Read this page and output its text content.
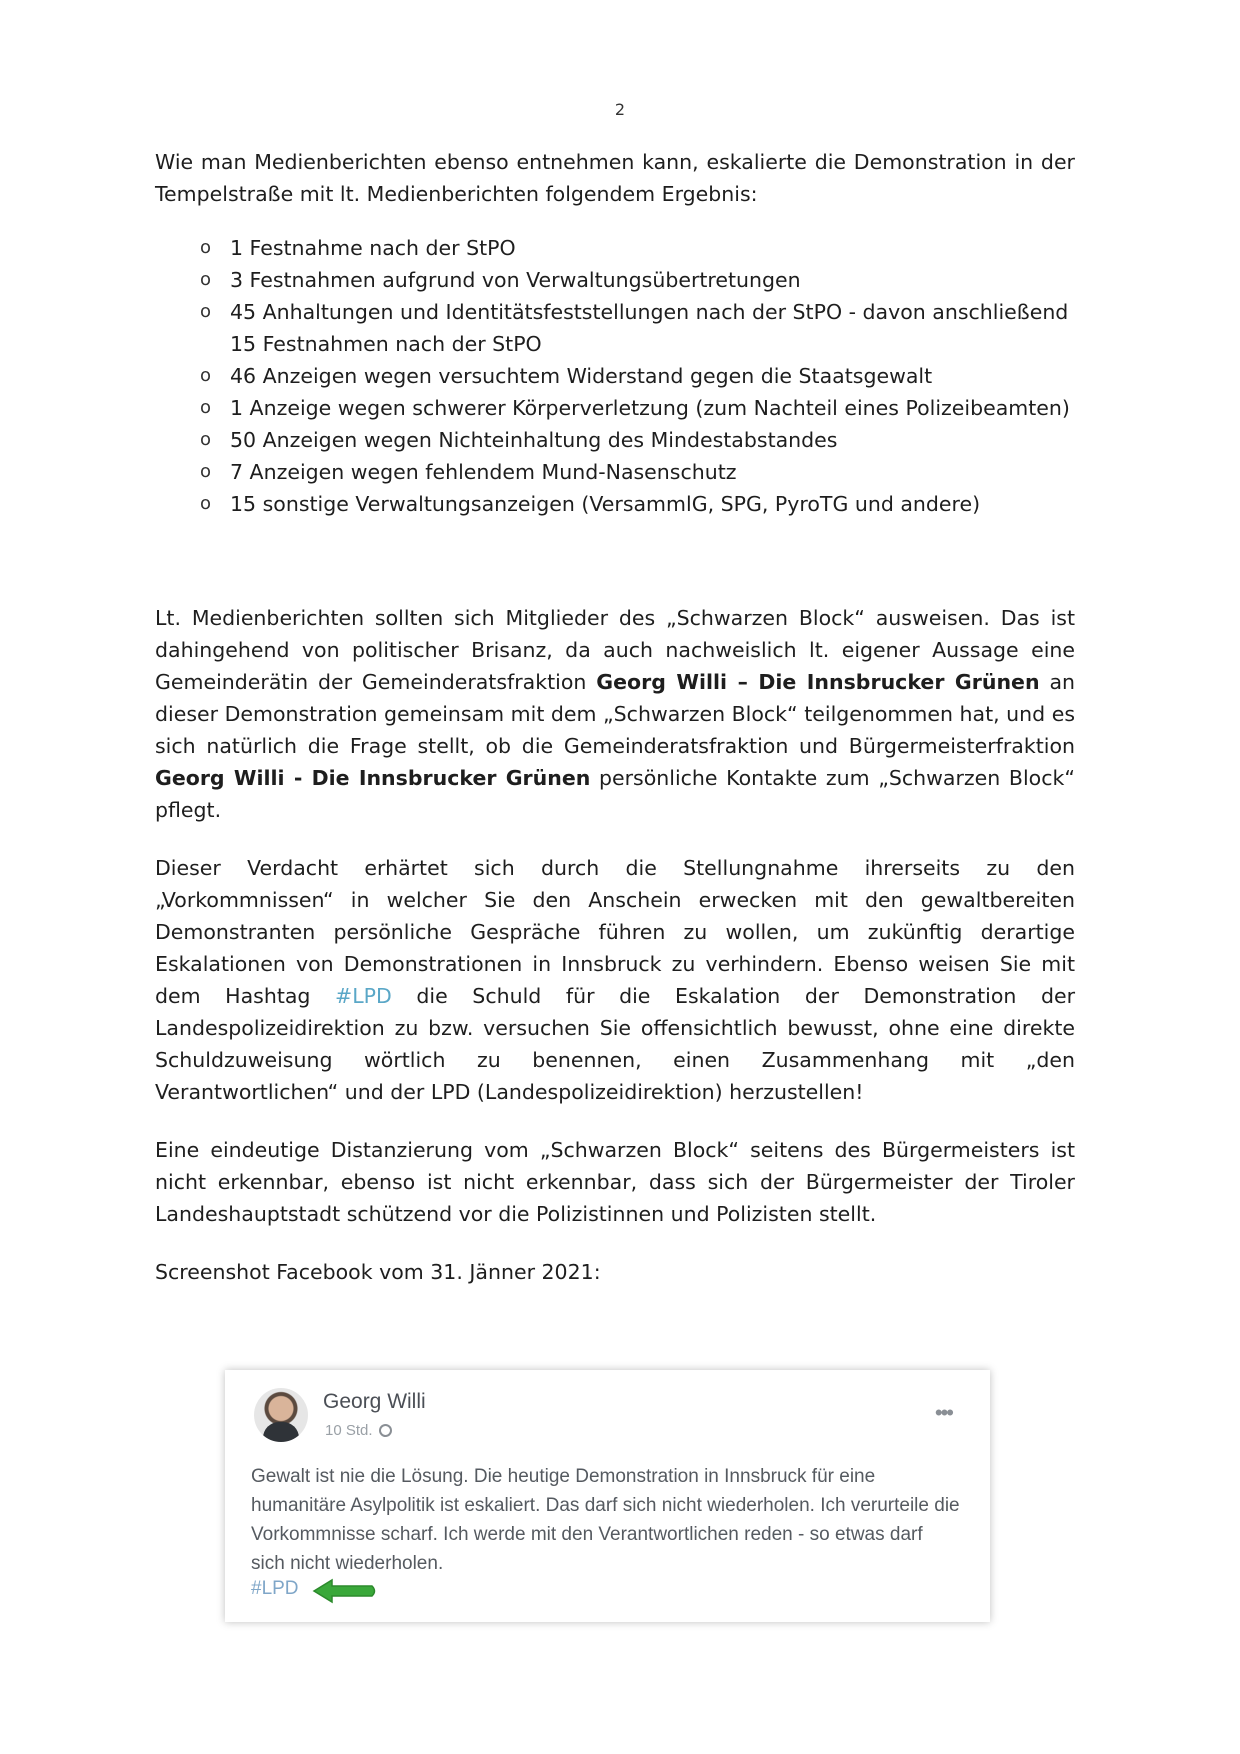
2

Wie man Medienberichten ebenso entnehmen kann, eskalierte die Demonstration in der Tempelstraße mit lt. Medienberichten folgendem Ergebnis:

o 1 Festnahme nach der StPO
o 3 Festnahmen aufgrund von Verwaltungsübertretungen
o 45 Anhaltungen und Identitätsfeststellungen nach der StPO - davon anschließend 15 Festnahmen nach der StPO
o 46 Anzeigen wegen versuchtem Widerstand gegen die Staatsgewalt
o 1 Anzeige wegen schwerer Körperverletzung (zum Nachteil eines Polizeibeamten)
o 50 Anzeigen wegen Nichteinhaltung des Mindestabstandes
o 7 Anzeigen wegen fehlendem Mund-Nasenschutz
o 15 sonstige Verwaltungsanzeigen (VersammlG, SPG, PyroTG und andere)

Lt. Medienberichten sollten sich Mitglieder des „Schwarzen Block“ ausweisen. Das ist dahingehend von politischer Brisanz, da auch nachweislich lt. eigener Aussage eine Gemeinderätin der Gemeinderatsfraktion Georg Willi – Die Innsbrucker Grünen an dieser Demonstration gemeinsam mit dem „Schwarzen Block“ teilgenommen hat, und es sich natürlich die Frage stellt, ob die Gemeinderatsfraktion und Bürgermeisterfraktion Georg Willi - Die Innsbrucker Grünen persönliche Kontakte zum „Schwarzen Block“ pflegt.

Dieser Verdacht erhärtet sich durch die Stellungnahme ihrerseits zu den „Vorkommnissen“ in welcher Sie den Anschein erwecken mit den gewaltbereiten Demonstranten persönliche Gespräche führen zu wollen, um zukünftig derartige Eskalationen von Demonstrationen in Innsbruck zu verhindern. Ebenso weisen Sie mit dem Hashtag #LPD die Schuld für die Eskalation der Demonstration der Landespolizeidirektion zu bzw. versuchen Sie offensichtlich bewusst, ohne eine direkte Schuldzuweisung wörtlich zu benennen, einen Zusammenhang mit „den Verantwortlichen“ und der LPD (Landespolizeidirektion) herzustellen!

Eine eindeutige Distanzierung vom „Schwarzen Block“ seitens des Bürgermeisters ist nicht erkennbar, ebenso ist nicht erkennbar, dass sich der Bürgermeister der Tiroler Landeshauptstadt schützend vor die Polizistinnen und Polizisten stellt.

Screenshot Facebook vom 31. Jänner 2021:

Georg Willi
10 Std.
•••
Gewalt ist nie die Lösung. Die heutige Demonstration in Innsbruck für eine humanitäre Asylpolitik ist eskaliert. Das darf sich nicht wiederholen. Ich verurteile die Vorkommnisse scharf. Ich werde mit den Verantwortlichen reden - so etwas darf sich nicht wiederholen.
#LPD
